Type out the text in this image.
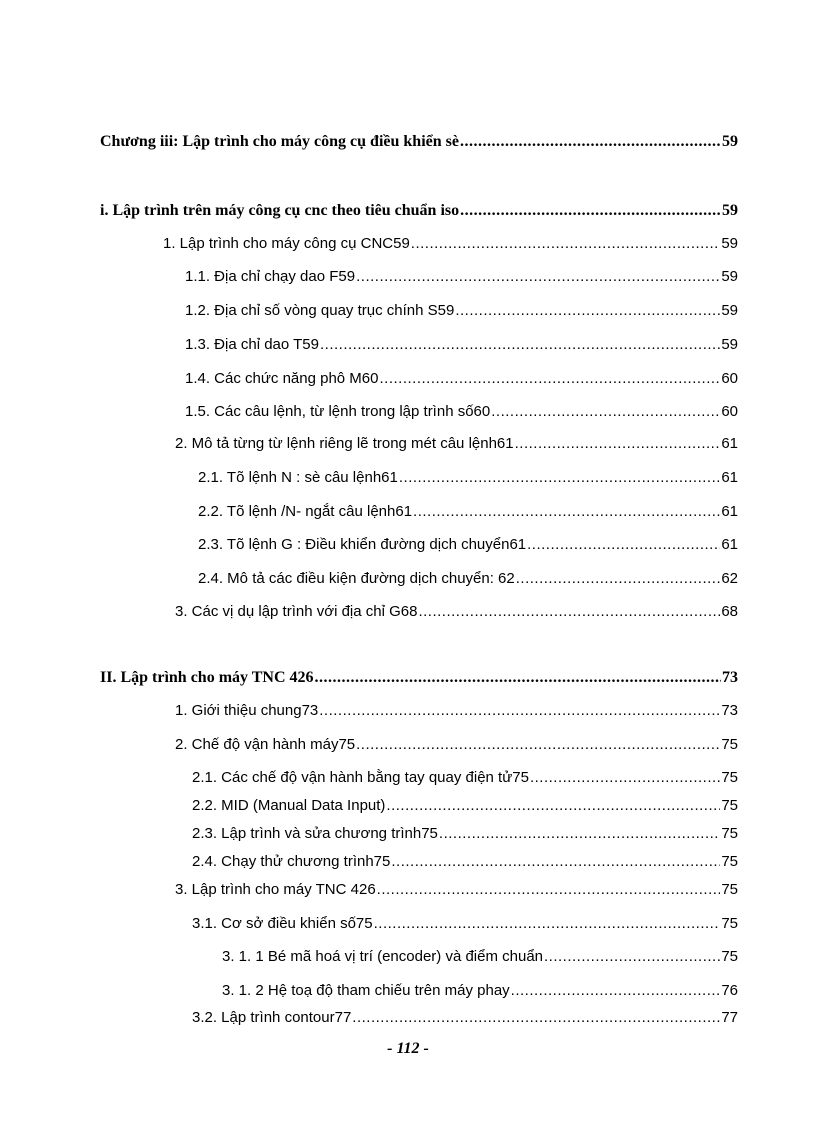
Chương iii: Lập trình cho máy công cụ điều khiển sè .....	59
i. Lập trình trên máy công cụ cnc theo tiêu chuẩn iso .....	59
1. Lập trình cho máy công cụ CNC59 .....	59
1.1. Địa chỉ chạy dao F59 .....	59
1.2. Địa chỉ số vòng quay trục chính S59 .....	59
1.3. Địa chỉ dao T59 .....	59
1.4. Các chức năng phô M60 .....	60
1.5. Các câu lệnh, từ lệnh trong lập trình số60 .....	60
2. Mô tả từng từ lệnh riêng lẽ trong mét câu lệnh61 .....	61
2.1. Tõ lệnh N : sè câu lệnh61 .....	61
2.2. Tõ lệnh /N- ngắt câu lệnh61 .....	61
2.3. Tõ lệnh G : Điều khiển đường dịch chuyển61 .....	61
2.4. Mô tả các điều kiện đường dịch chuyển: 62 .....	62
3. Các vị dụ lập trình với địa chỉ G68 .....	68
II. Lập trình cho máy TNC 426 .....	73
1. Giới thiệu chung73 .....	73
2. Chế độ vận hành máy75 .....	75
2.1. Các chế độ vận hành bằng tay quay điện tử75 .....	75
2.2. MID (Manual Data Input) .....	75
2.3. Lập trình và sửa chương trình75 .....	75
2.4. Chạy thử chương trình75 .....	75
3. Lập trình cho máy TNC 426 .....	75
3.1. Cơ sở điều khiển số75 .....	75
3. 1. 1 Bé mã hoá vị trí (encoder) và điểm chuẩn .....	75
3. 1. 2 Hệ toạ độ tham chiếu trên máy phay .....	76
3.2. Lập trình contour77 .....	77
- 112 -
